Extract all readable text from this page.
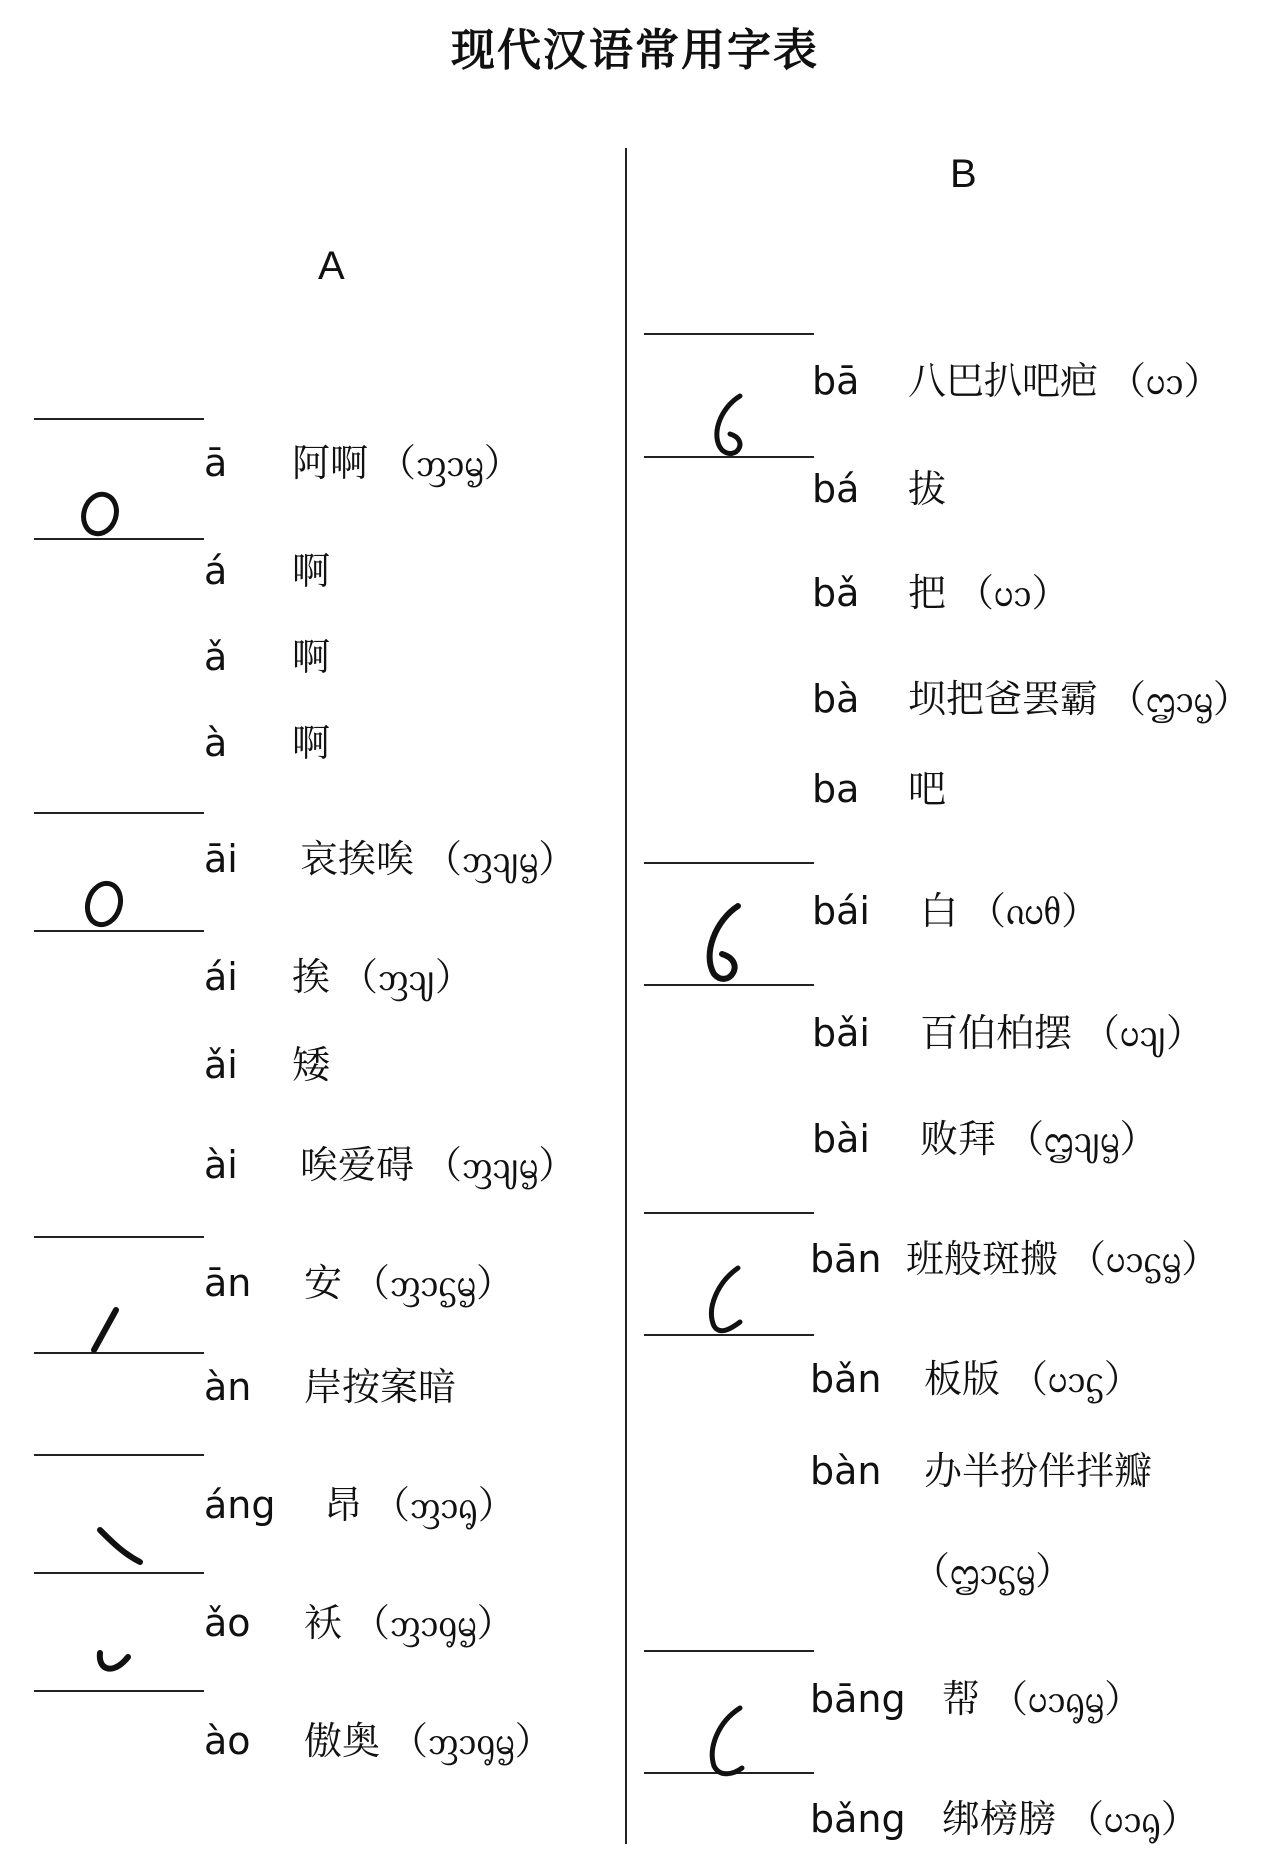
现代汉语常用字表
A
B
ā 阿啊 （ᦀᦱᧄ）
á 啊
ǎ 啊
à 啊
āi 哀挨唉 （ᦀᦻᧄ）
ái 挨 （ᦀᦻ）
ǎi 矮
ài 唉爱碍 （ᦀᦻᧄ）
ān 安 （ᦀᦱᧃᧄ）
àn 岸按案暗
áng 昂 （ᦀᦱᧂ）
ǎo 袄 （ᦀᦱᧁᧄ）
ào 傲奥 （ᦀᦱᧁᧄ）
bā 八巴扒吧疤 （ᦢᦱ）
bá 拔
bǎ 把 （ᦢᦱ）
bà 坝把爸罢霸 （ᦗᦱᧄ）
ba 吧
bái 白 （ᦵᦢᦲ）
bǎi 百伯柏摆 （ᦢᦻ）
bài 败拜 （ᦗᦻᧄ）
bān 班般斑搬 （ᦢᦱᧃᧄ）
bǎn 板版 （ᦢᦱᧃ）
bàn 办半扮伴拌瓣
（ᦗᦱᧃᧄ）
bāng 帮 （ᦢᦱᧂᧄ）
bǎng 绑榜膀 （ᦢᦱᧂ）
